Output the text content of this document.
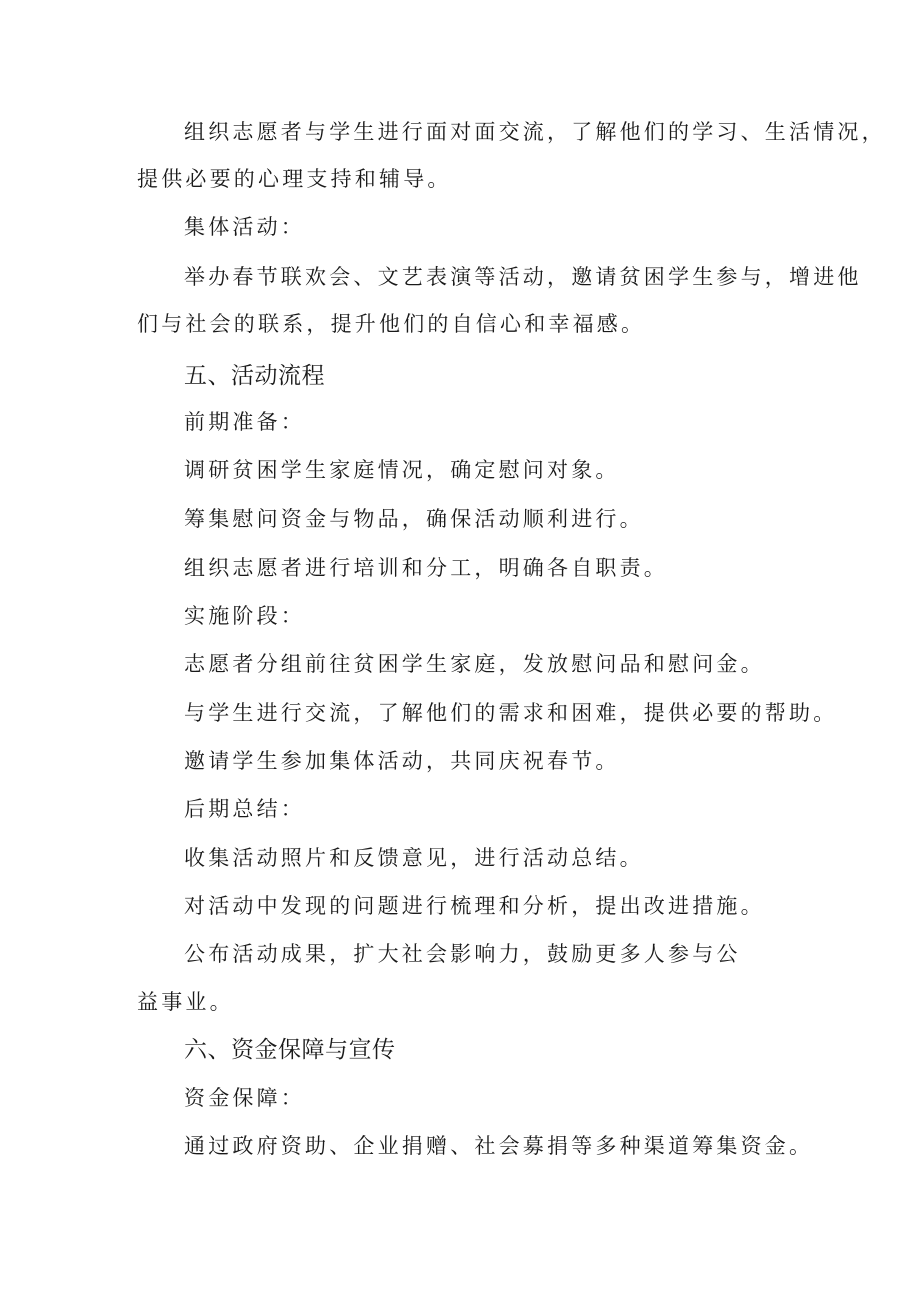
组织志愿者与学生进行面对面交流，了解他们的学习、生活情况，
提供必要的心理支持和辅导。
集体活动：
举办春节联欢会、文艺表演等活动，邀请贫困学生参与，增进他
们与社会的联系，提升他们的自信心和幸福感。
五、活动流程
前期准备：
调研贫困学生家庭情况，确定慰问对象。
筹集慰问资金与物品，确保活动顺利进行。
组织志愿者进行培训和分工，明确各自职责。
实施阶段：
志愿者分组前往贫困学生家庭，发放慰问品和慰问金。
与学生进行交流，了解他们的需求和困难，提供必要的帮助。
邀请学生参加集体活动，共同庆祝春节。
后期总结：
收集活动照片和反馈意见，进行活动总结。
对活动中发现的问题进行梳理和分析，提出改进措施。
公布活动成果，扩大社会影响力，鼓励更多人参与公
益事业。
六、资金保障与宣传
资金保障：
通过政府资助、企业捐赠、社会募捐等多种渠道筹集资金。
